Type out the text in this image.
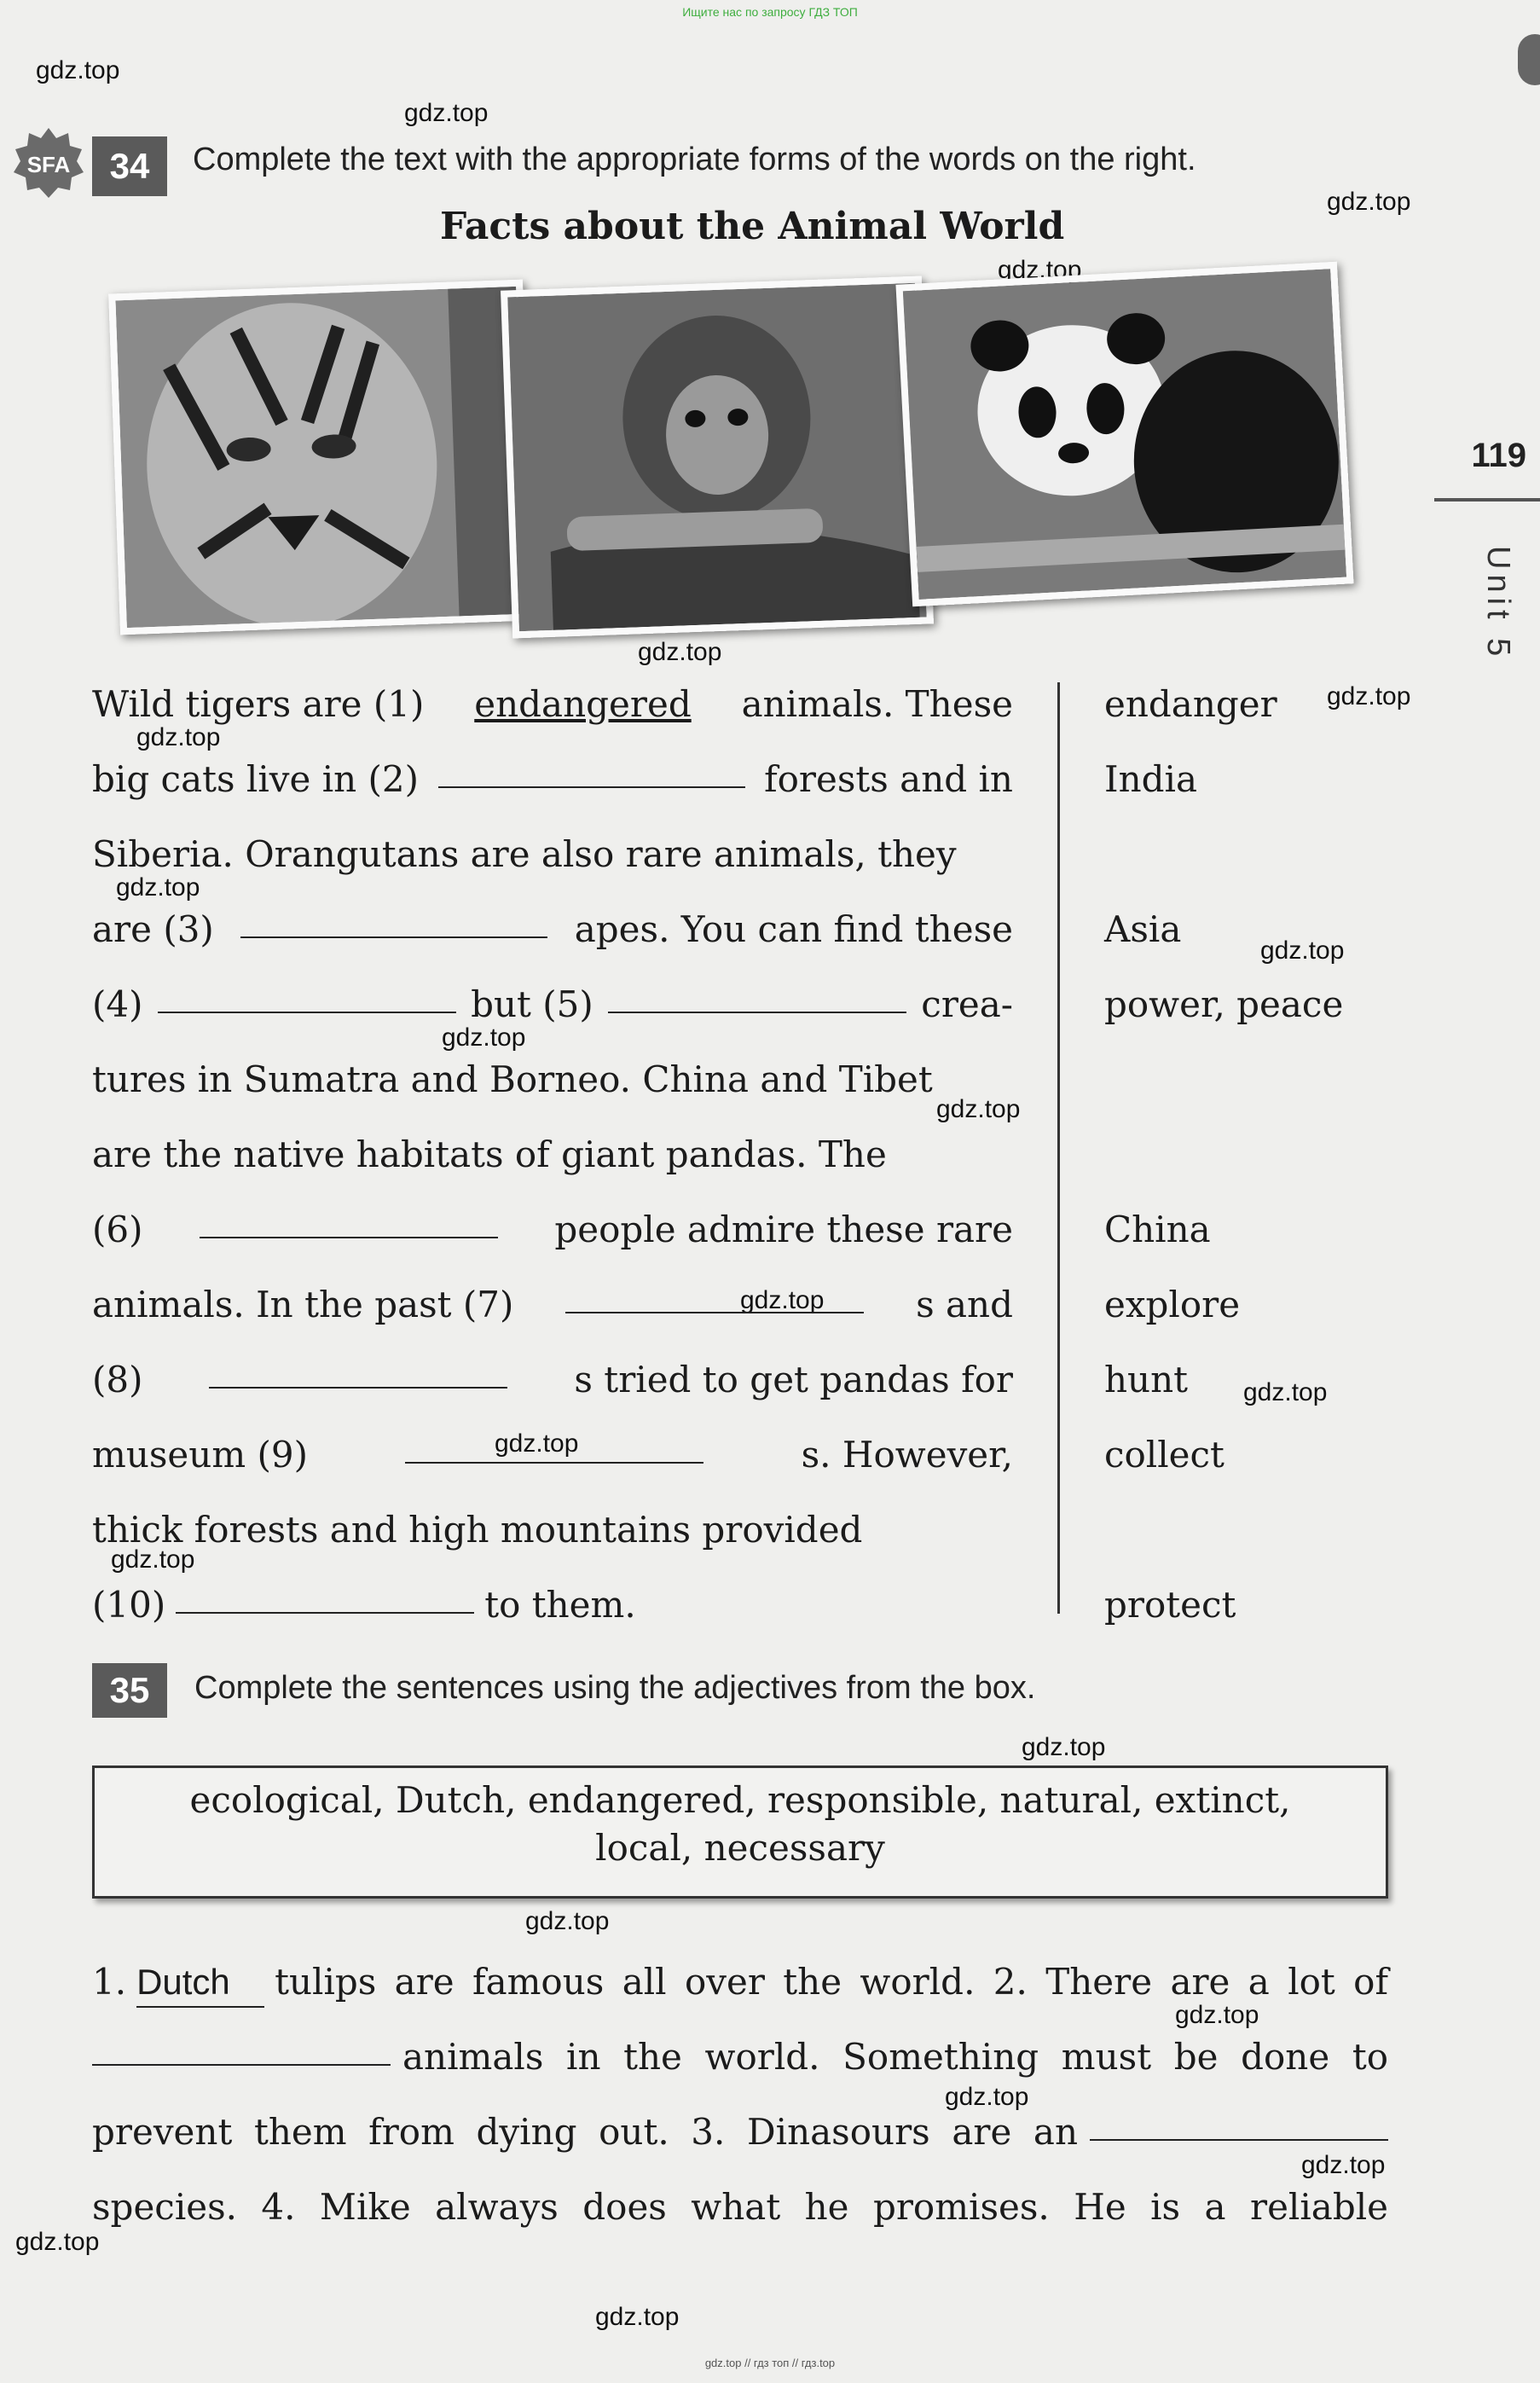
Ищите нас по запросу ГДЗ ТОП
gdz.top
gdz.top
gdz.top
gdz.top
gdz.top
gdz.top
gdz.top
gdz.top
gdz.top
gdz.top
gdz.top
gdz.top
gdz.top
gdz.top
gdz.top
gdz.top
gdz.top
gdz.top
gdz.top
gdz.top
gdz.top
gdz.top
119
Unit 5
SFA	34	Complete the text with the appropriate forms of the words on the right.
Facts about the Animal World
Wild tigers are (1) endangered animals. These
big cats live in (2)	forests and in
Siberia. Orangutans are also rare animals, they
are (3)	apes. You can find these
(4)	but (5)	crea-
tures in Sumatra and Borneo. China and Tibet
are the native habitats of giant pandas. The
(6)	people admire these rare
animals. In the past (7)	s and
(8)	s tried to get pandas for
museum (9)	s. However,
thick forests and high mountains provided
(10)	to them.
endanger
India
Asia
power, peace
China
explore
hunt
collect
protect
35	Complete the sentences using the adjectives from the box.
ecological, Dutch, endangered, responsible, natural, extinct,
local, necessary
1. Dutch	tulips are famous all over the world. 2. There are a lot of
animals in the world. Something must be done to
prevent them from dying out. 3. Dinasours are an
species. 4. Mike always does what he promises. He is a reliable
gdz.top // гдз топ // гдз.top
